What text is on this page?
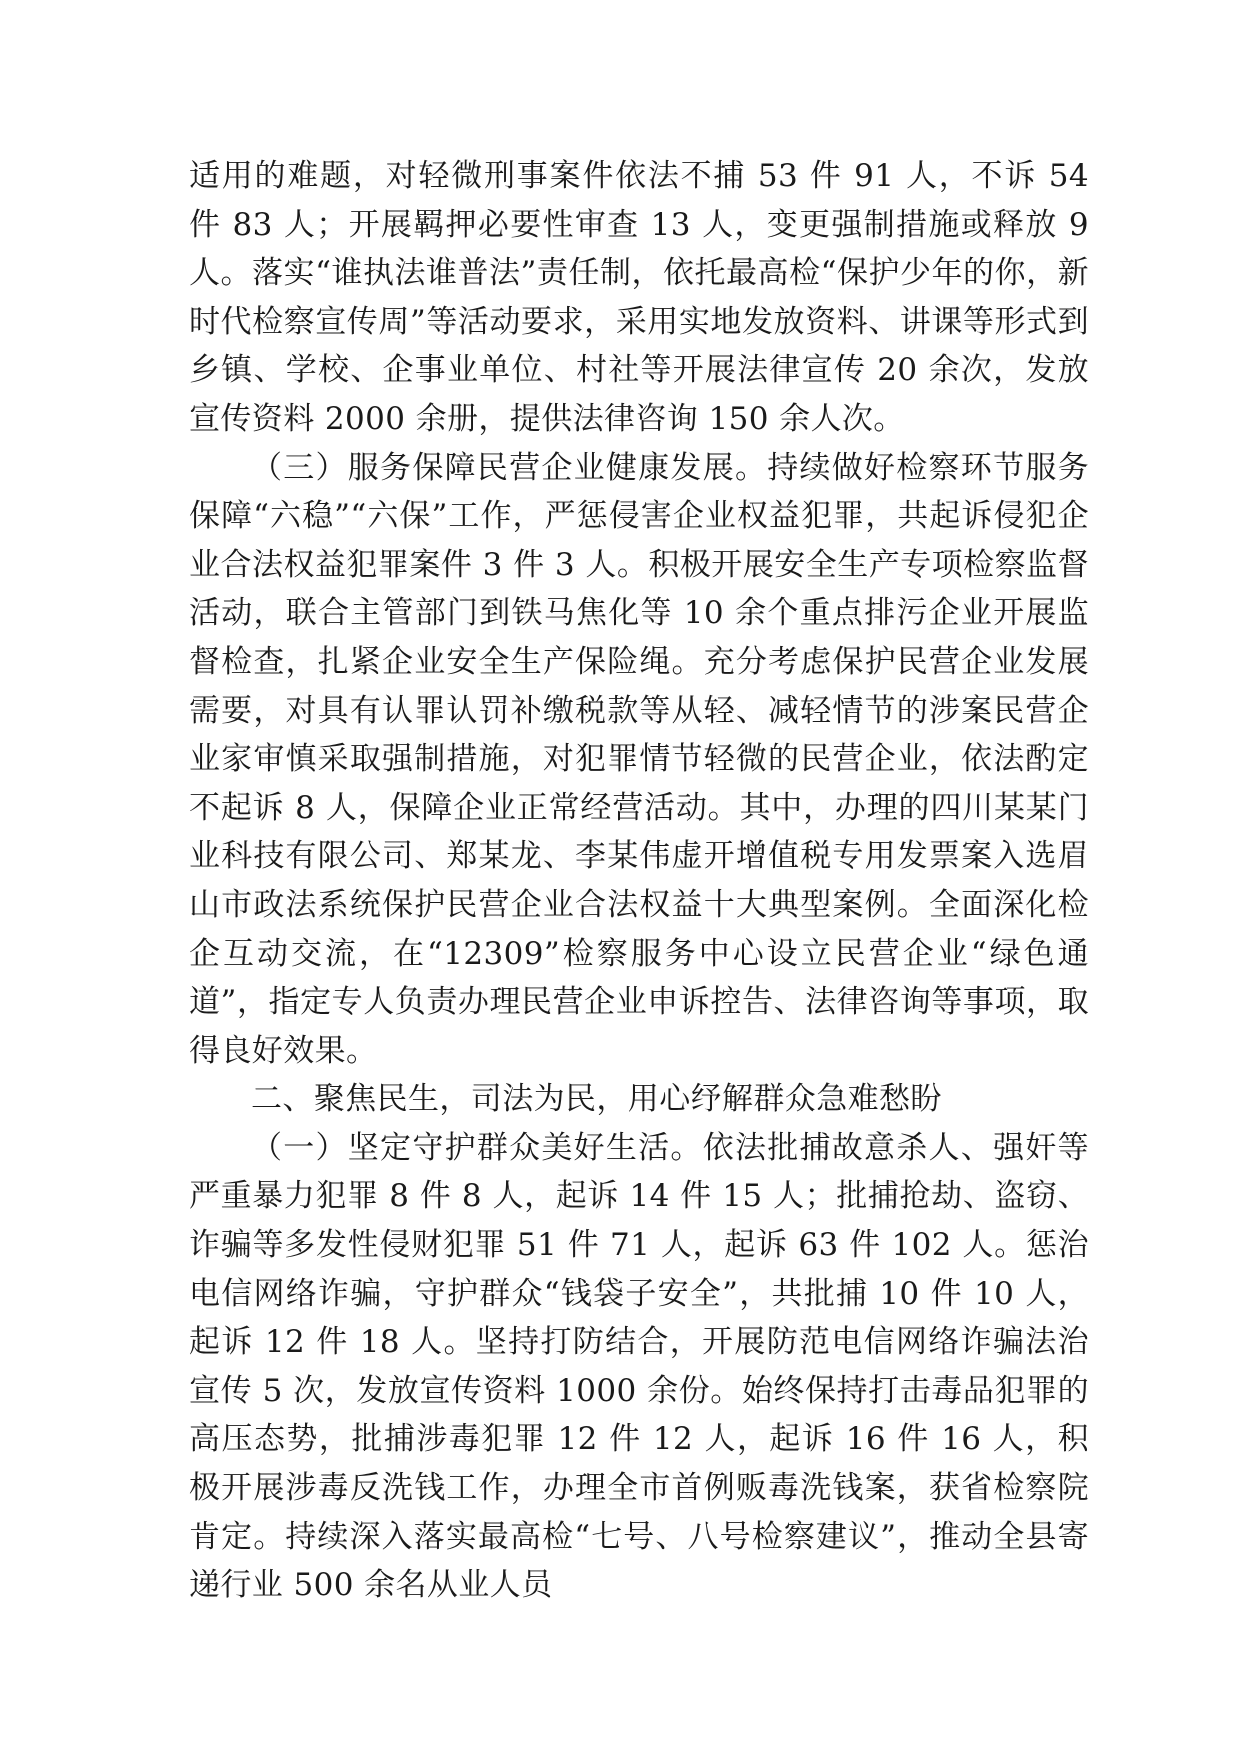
适用的难题，对轻微刑事案件依法不捕 53 件 91 人，不诉 54 件 83 人；开展羁押必要性审查 13 人，变更强制措施或释放 9 人。落实“谁执法谁普法”责任制，依托最高检“保护少年的你，新时代检察宣传周”等活动要求，采用实地发放资料、讲课等形式到乡镇、学校、企事业单位、村社等开展法律宣传 20 余次，发放宣传资料 2000 余册，提供法律咨询 150 余人次。

（三）服务保障民营企业健康发展。持续做好检察环节服务保障“六稳”“六保”工作，严惩侵害企业权益犯罪，共起诉侵犯企业合法权益犯罪案件 3 件 3 人。积极开展安全生产专项检察监督活动，联合主管部门到铁马焦化等 10 余个重点排污企业开展监督检查，扎紧企业安全生产保险绳。充分考虑保护民营企业发展需要，对具有认罪认罚补缴税款等从轻、减轻情节的涉案民营企业家审慎采取强制措施，对犯罪情节轻微的民营企业，依法酌定不起诉 8 人，保障企业正常经营活动。其中，办理的四川某某门业科技有限公司、郑某龙、李某伟虚开增值税专用发票案入选眉山市政法系统保护民营企业合法权益十大典型案例。全面深化检企互动交流，在“12309”检察服务中心设立民营企业“绿色通道”，指定专人负责办理民营企业申诉控告、法律咨询等事项，取得良好效果。

二、聚焦民生，司法为民，用心纾解群众急难愁盼

（一）坚定守护群众美好生活。依法批捕故意杀人、强奸等严重暴力犯罪 8 件 8 人，起诉 14 件 15 人；批捕抢劫、盗窃、诈骗等多发性侵财犯罪 51 件 71 人，起诉 63 件 102 人。惩治电信网络诈骗，守护群众“钱袋子安全”，共批捕 10 件 10 人，起诉 12 件 18 人。坚持打防结合，开展防范电信网络诈骗法治宣传 5 次，发放宣传资料 1000 余份。始终保持打击毒品犯罪的高压态势，批捕涉毒犯罪 12 件 12 人，起诉 16 件 16 人，积极开展涉毒反洗钱工作，办理全市首例贩毒洗钱案，获省检察院肯定。持续深入落实最高检“七号、八号检察建议”，推动全县寄递行业 500 余名从业人员
